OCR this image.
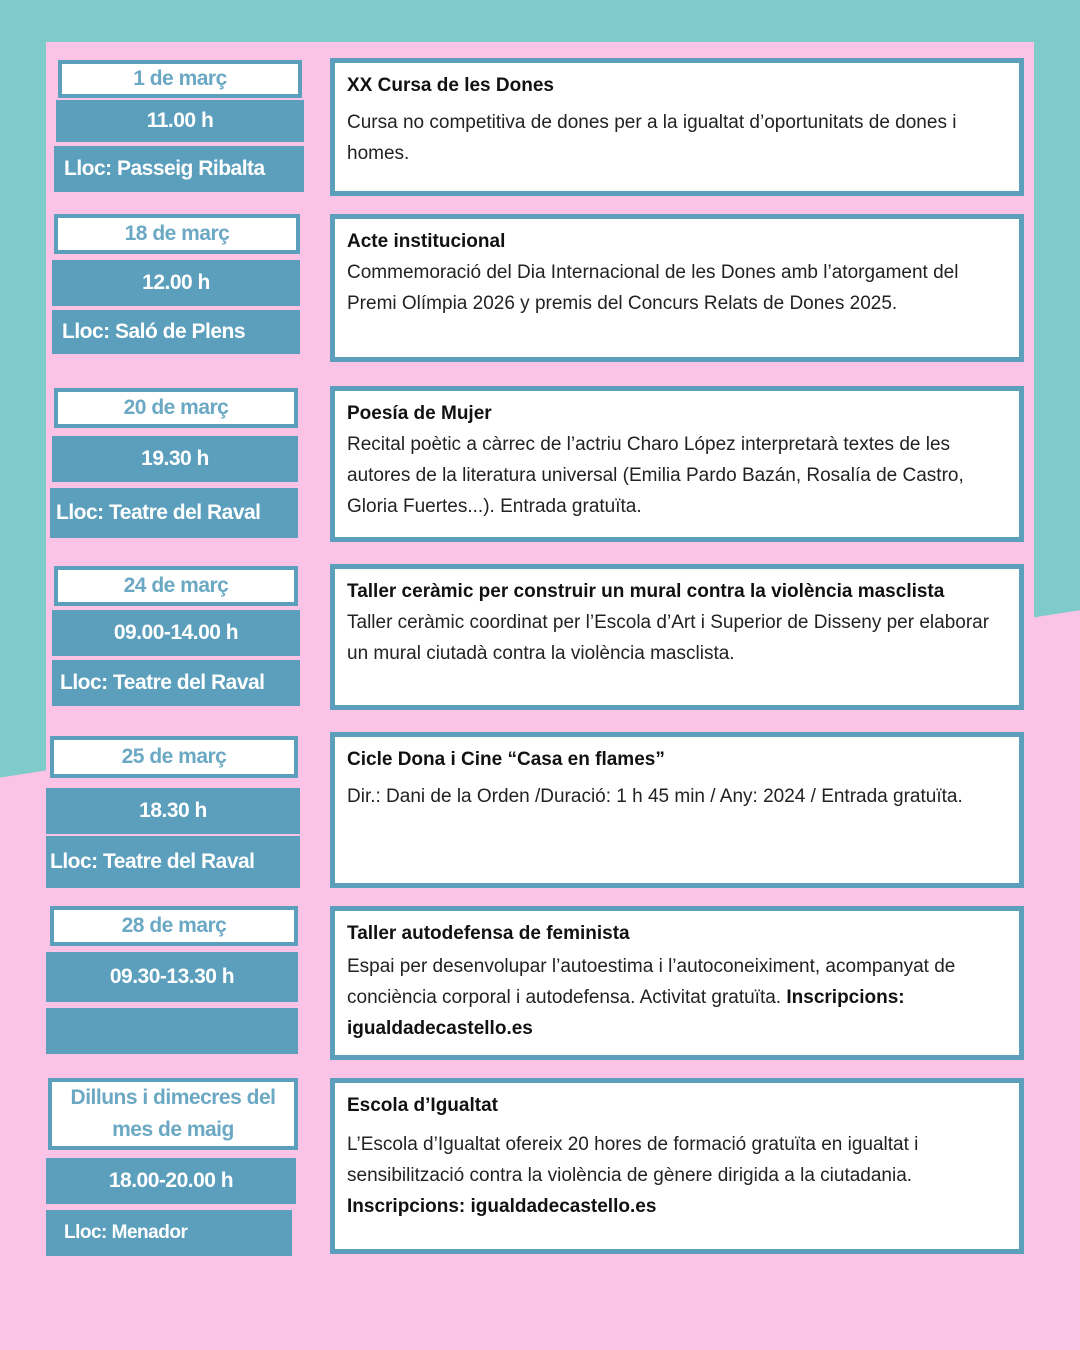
1 de març
11.00 h
Lloc: Passeig Ribalta
XX Cursa de les Dones
Cursa no competitiva de dones per a la igualtat d’oportunitats de dones i homes.
18 de març
12.00 h
Lloc: Saló de Plens
Acte institucional
Commemoració del Dia Internacional de les Dones amb l’atorgament del Premi Olímpia 2026 y premis del Concurs Relats de Dones 2025.
20 de març
19.30 h
Lloc: Teatre del Raval
Poesía de Mujer
Recital poètic a càrrec de l’actriu Charo López interpretarà textes de les autores de la literatura universal (Emilia Pardo Bazán, Rosalía de Castro, Gloria Fuertes...). Entrada gratuïta.
24 de març
09.00-14.00 h
Lloc: Teatre del Raval
Taller ceràmic per construir un mural contra la violència masclista
Taller ceràmic coordinat per l’Escola d’Art i Superior de Disseny per elaborar un mural ciutadà contra la violència masclista.
25 de març
18.30 h
Lloc: Teatre del Raval
Cicle Dona i Cine “Casa en flames”
Dir.: Dani de la Orden /Duració: 1 h 45 min / Any: 2024 / Entrada gratuïta.
28 de març
09.30-13.30 h
Taller autodefensa de feminista
Espai per desenvolupar l’autoestima i l’autoconeiximent, acompanyat de conciència corporal i autodefensa. Activitat gratuïta. Inscripcions: igualdadecastello.es
Dilluns i dimecres del mes de maig
18.00-20.00 h
Lloc: Menador
Escola d’Igualtat
L’Escola d’Igualtat ofereix 20 hores de formació gratuïta en igualtat i sensibilització contra la violència de gènere dirigida a la ciutadania. Inscripcions: igualdadecastello.es
